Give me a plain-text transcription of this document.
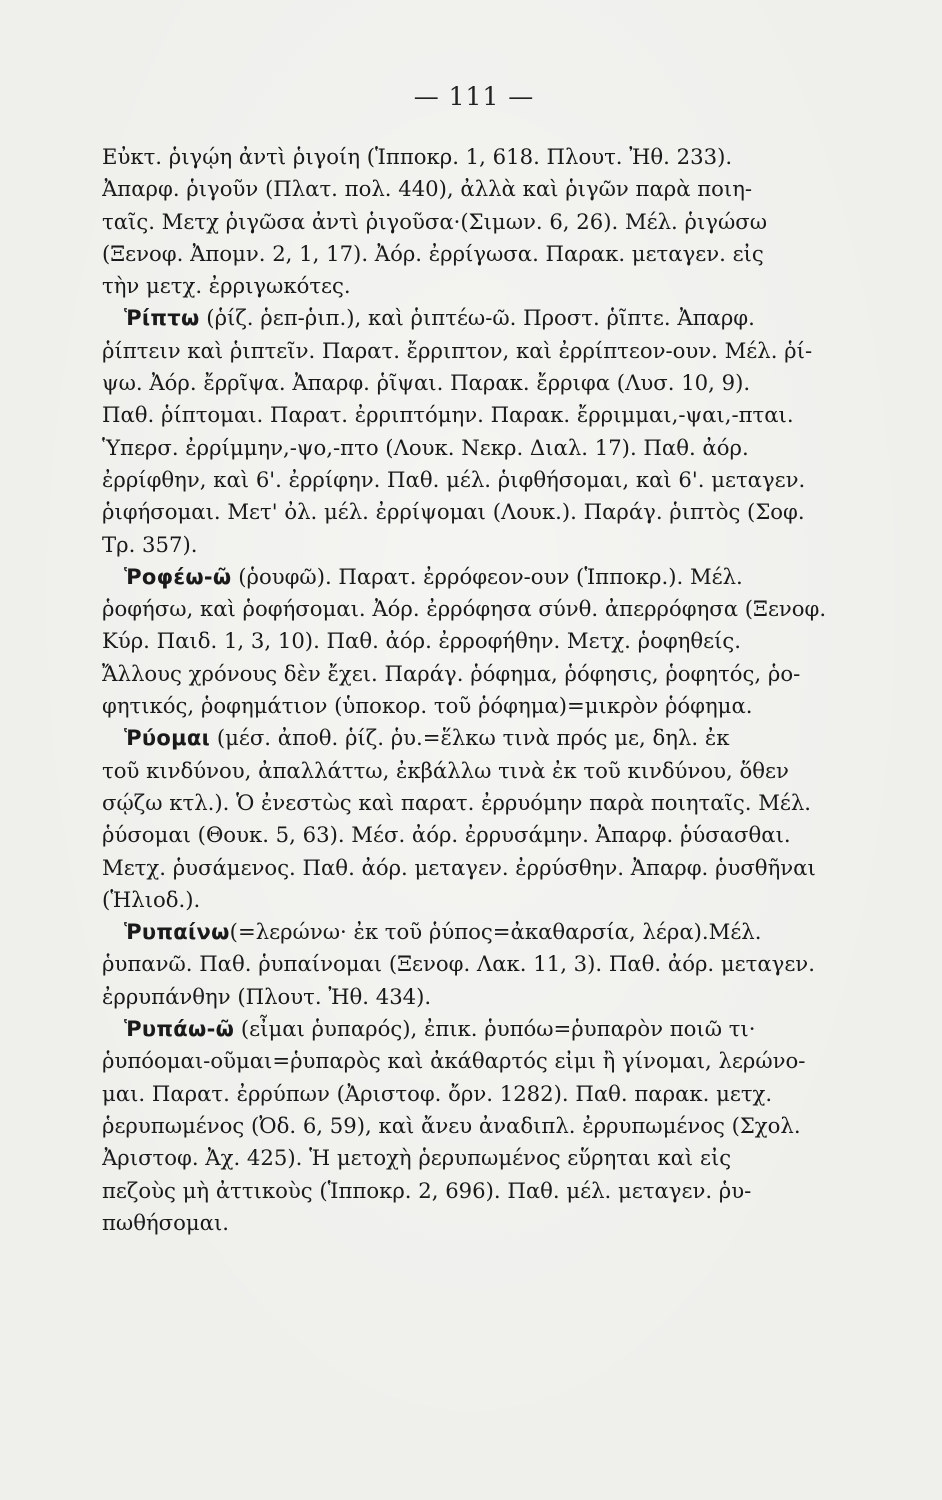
— 111 —
Εὐκτ. ῥιγῴη ἀντὶ ῥιγοίη (Ἱπποκρ. 1, 618. Πλουτ. Ἠθ. 233).
Ἀπαρφ. ῥιγοῦν (Πλατ. πολ. 440), ἀλλὰ καὶ ῥιγῶν παρὰ ποιη-
ταῖς. Μετχ ῥιγῶσα ἀντὶ ῥιγοῦσα·(Σιμων. 6, 26). Μέλ. ῥιγώσω
(Ξενοφ. Ἀπομν. 2, 1, 17). Ἀόρ. ἐρρίγωσα. Παρακ. μεταγεν. εἰς
τὴν μετχ. ἐρριγωκότες.
Ῥίπτω (ῥίζ. ῥεπ-ῥιπ.), καὶ ῥιπτέω-ῶ. Προστ. ῥῖπτε. Ἀπαρφ.
ῥίπτειν καὶ ῥιπτεῖν. Παρατ. ἔρριπτον, καὶ ἐρρίπτεον-ουν. Μέλ. ῥί-
ψω. Ἀόρ. ἔρρῖψα. Ἀπαρφ. ῥῖψαι. Παρακ. ἔρριφα (Λυσ. 10, 9).
Παθ. ῥίπτομαι. Παρατ. ἐρριπτόμην. Παρακ. ἔρριμμαι,-ψαι,-πται.
Ὑπερσ. ἐρρίμμην,-ψο,-πτο (Λουκ. Νεκρ. Διαλ. 17). Παθ. ἀόρ.
ἐρρίφθην, καὶ 6'. ἐρρίφην. Παθ. μέλ. ῥιφθήσομαι, καὶ 6'. μεταγεν.
ῥιφήσομαι. Μετ' ὀλ. μέλ. ἐρρίψομαι (Λουκ.). Παράγ. ῥιπτὸς (Σοφ.
Τρ. 357).
Ῥοφέω-ῶ (ῥουφῶ). Παρατ. ἐρρόφεον-ουν (Ἱπποκρ.). Μέλ.
ῥοφήσω, καὶ ῥοφήσομαι. Ἀόρ. ἐρρόφησα σύνθ. ἀπερρόφησα (Ξενοφ.
Κύρ. Παιδ. 1, 3, 10). Παθ. ἀόρ. ἐρροφήθην. Μετχ. ῥοφηθείς.
Ἄλλους χρόνους δὲν ἔχει. Παράγ. ῥόφημα, ῥόφησις, ῥοφητός, ῥο-
φητικός, ῥοφημάτιον (ὑποκορ. τοῦ ῥόφημα)=μικρὸν ῥόφημα.
Ῥύομαι (μέσ. ἀποθ. ῥίζ. ῥυ.=ἕλκω τινὰ πρός με, δηλ. ἐκ
τοῦ κινδύνου, ἀπαλλάττω, ἐκβάλλω τινὰ ἐκ τοῦ κινδύνου, ὅθεν
σῴζω κτλ.). Ὁ ἐνεστὼς καὶ παρατ. ἐρρυόμην παρὰ ποιηταῖς. Μέλ.
ῥύσομαι (Θουκ. 5, 63). Μέσ. ἀόρ. ἐρρυσάμην. Ἀπαρφ. ῥύσασθαι.
Μετχ. ῥυσάμενος. Παθ. ἀόρ. μεταγεν. ἐρρύσθην. Ἀπαρφ. ῥυσθῆναι
(Ἡλιοδ.).
Ῥυπαίνω(=λερώνω· ἐκ τοῦ ῥύπος=ἀκαθαρσία, λέρα).Μέλ.
ῥυπανῶ. Παθ. ῥυπαίνομαι (Ξενοφ. Λακ. 11, 3). Παθ. ἀόρ. μεταγεν.
ἐρρυπάνθην (Πλουτ. Ἠθ. 434).
Ῥυπάω-ῶ (εἶμαι ῥυπαρός), ἐπικ. ῥυπόω=ῥυπαρὸν ποιῶ τι·
ῥυπόομαι-οῦμαι=ῥυπαρὸς καὶ ἀκάθαρτός εἰμι ἢ γίνομαι, λερώνο-
μαι. Παρατ. ἐρρύπων (Ἀριστοφ. ὄρν. 1282). Παθ. παρακ. μετχ.
ῥερυπωμένος (Ὀδ. 6, 59), καὶ ἄνευ ἀναδιπλ. ἐρρυπωμένος (Σχολ.
Ἀριστοφ. Ἀχ. 425). Ἡ μετοχὴ ῥερυπωμένος εὕρηται καὶ εἰς
πεζοὺς μὴ ἀττικοὺς (Ἱπποκρ. 2, 696). Παθ. μέλ. μεταγεν. ῥυ-
πωθήσομαι.
